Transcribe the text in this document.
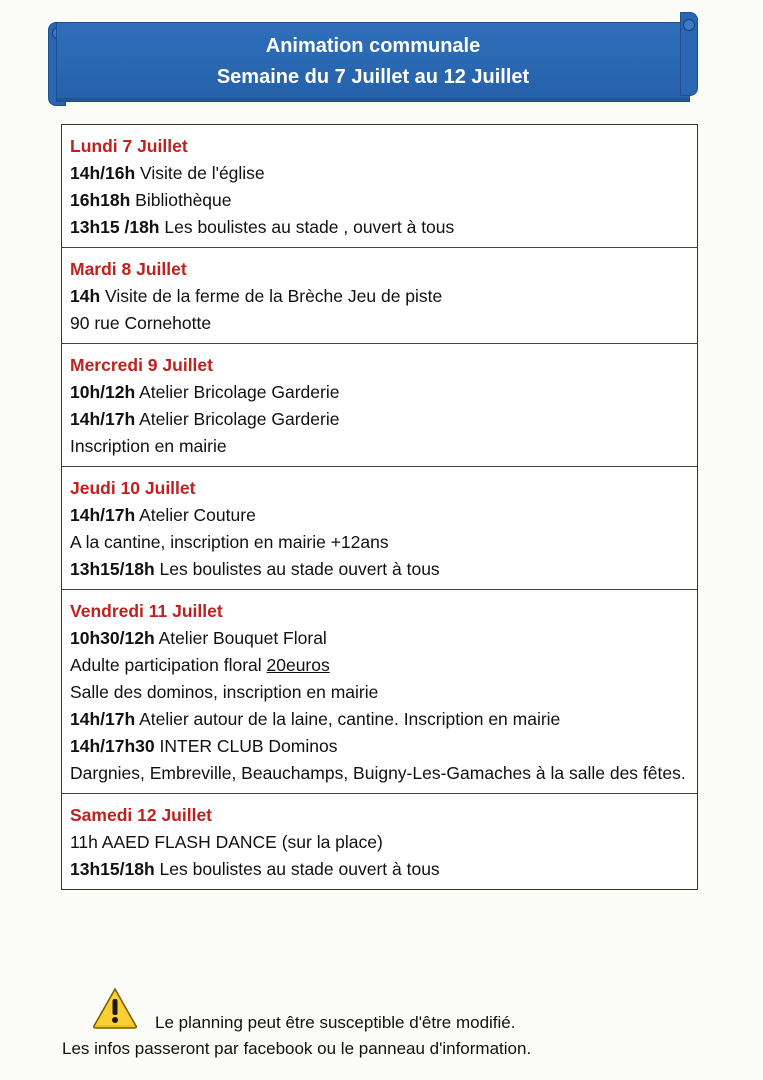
Animation communale
Semaine du 7 Juillet au 12 Juillet
Lundi 7 Juillet
14h/16h Visite de l'église
16h18h Bibliothèque
13h15 /18h Les boulistes au stade , ouvert à tous
Mardi 8 Juillet
14h Visite de la ferme de la Brèche Jeu de piste
90 rue Cornehotte
Mercredi 9 Juillet
10h/12h Atelier Bricolage Garderie
14h/17h Atelier Bricolage Garderie
Inscription en mairie
Jeudi 10 Juillet
14h/17h Atelier Couture
A la cantine, inscription en mairie +12ans
13h15/18h Les boulistes au stade ouvert à tous
Vendredi 11 Juillet
10h30/12h Atelier Bouquet Floral
Adulte participation floral 20euros
Salle des dominos, inscription en mairie
14h/17h Atelier autour de la laine, cantine. Inscription en mairie
14h/17h30 INTER CLUB Dominos
Dargnies, Embreville, Beauchamps, Buigny-Les-Gamaches à la salle des fêtes.
Samedi 12 Juillet
11h AAED FLASH DANCE (sur la place)
13h15/18h Les boulistes au stade ouvert à tous
Le planning peut être susceptible d'être modifié.
Les infos passeront par facebook ou le panneau d'information.
